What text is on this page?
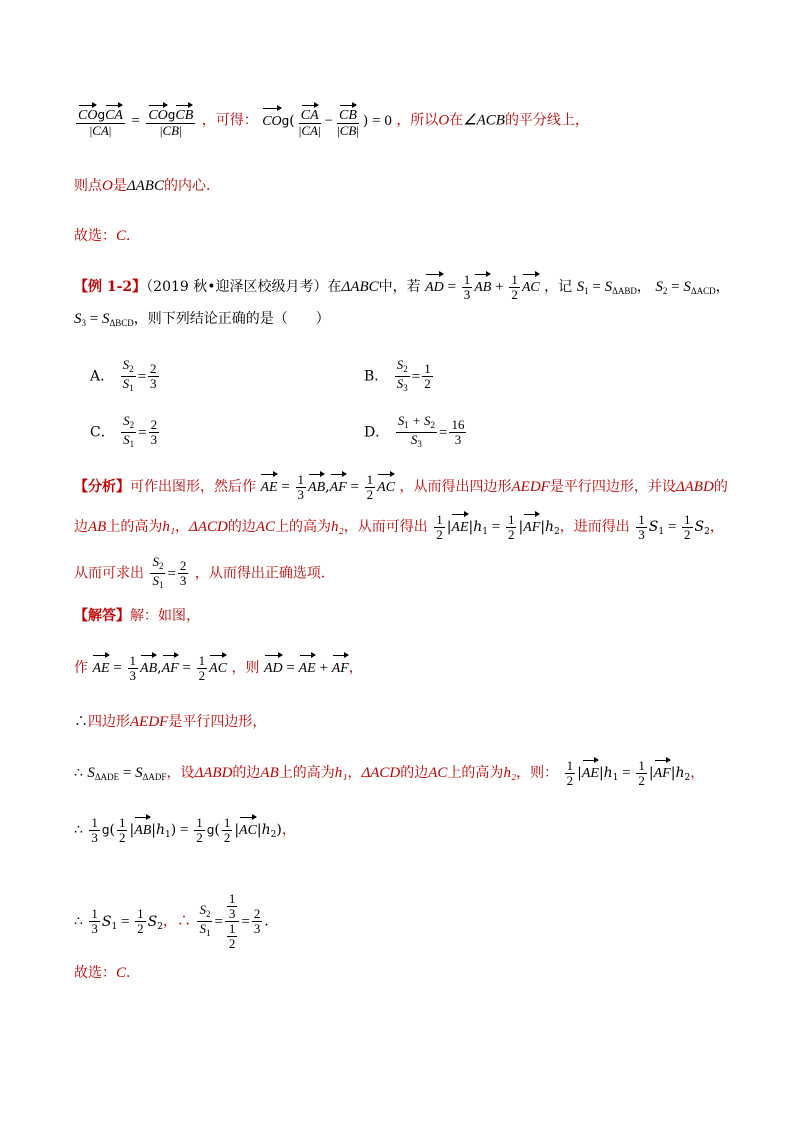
$\frac{\text{COgCA}}{|CA|} = \frac{\text{COgCB}}{|CB|}$ ，可得： $COg( \frac{CA}{|CA|} - \frac{CB}{|CB|}$ ) = 0 ，所以O在∠ACB的平分线上，
则点O是ΔABC的内心．
故选：C．
【例 1-2】（2019 秋•迎泽区校级月考）在ΔABC中，若 AD = $\frac{1}{3}$ AB + $\frac{1}{2}$ AC ，记 $S_1 = S_{\Delta ABD}$， $S_2 = S_{\Delta ACD}$，
$S_3 = S_{\Delta BCD}$，则下列结论正确的是（　　）
A． $\frac{S_2}{S_1} = \frac{2}{3}$	B． $\frac{S_2}{S_3} = \frac{1}{2}$
C． $\frac{S_2}{S_1} = \frac{2}{3}$	D． $\frac{S_1 + S_2}{S_3} = \frac{16}{3}$
【分析】可作出图形，然后作 AE = $\frac{1}{3} AB,AF = \frac{1}{2}$ AC ，从而得出四边形AEDF是平行四边形，并设ΔABD的
边AB上的高为h₁，ΔACD的边AC上的高为h₂，从而可得出 $\frac{1}{2} |AE|h_1 = \frac{1}{2} |AF|h_2$，进而得出 $\frac{1}{3} S_1 = \frac{1}{2} S_2$，
从而可求出 $\frac{S_2}{S_1} = \frac{2}{3}$ ，从而得出正确选项．
【解答】解：如图，
作 AE = $\frac{1}{3} AB,AF = \frac{1}{2}$ AC ，则 AD = AE + AF，
∴四边形AEDF是平行四边形，
∴ $S_{\Delta ADE} = S_{\Delta ADF}$，设ΔABD的边AB上的高为h₁，ΔACD的边AC上的高为h₂，则： $\frac{1}{2} |AE|h_1 = \frac{1}{2} |AF|h_2$，
∴ $\frac{1}{3} g( \frac{1}{2} |AB|h_1) = \frac{1}{2} g( \frac{1}{2} |AC|h_2)$，
∴ $\frac{1}{3} S_1 = \frac{1}{2} S_2$，∴ $\frac{S_2}{S_1} = \frac{\frac{1}{3}}{\frac{1}{2}} = \frac{2}{3}$ ．
故选：C．
